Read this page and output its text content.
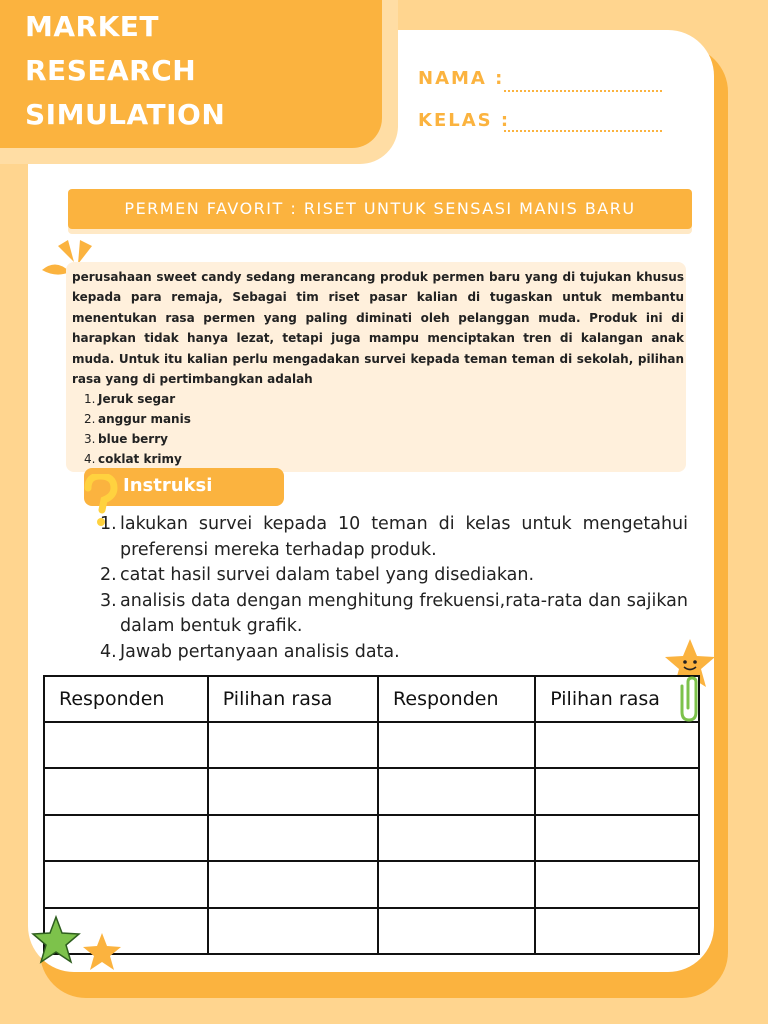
MARKET
RESEARCH
SIMULATION
NAMA :
KELAS :
PERMEN FAVORIT : RISET UNTUK SENSASI MANIS BARU
perusahaan sweet candy sedang merancang produk permen baru yang di tujukan khusus kepada para remaja, Sebagai tim riset pasar kalian di tugaskan untuk membantu menentukan rasa permen yang paling diminati oleh pelanggan muda. Produk ini di harapkan tidak hanya lezat, tetapi juga mampu menciptakan tren di kalangan anak muda. Untuk itu kalian perlu mengadakan survei kepada teman teman di sekolah, pilihan rasa yang di pertimbangkan adalah
1. Jeruk segar
2. anggur manis
3. blue berry
4. coklat krimy
Instruksi
1. lakukan survei kepada 10 teman di kelas untuk mengetahui preferensi mereka terhadap produk.
2. catat hasil survei dalam tabel yang disediakan.
3. analisis data dengan menghitung frekuensi,rata-rata dan sajikan dalam bentuk grafik.
4. Jawab pertanyaan analisis data.
Responden	Pilihan rasa	Responden	Pilihan rasa
